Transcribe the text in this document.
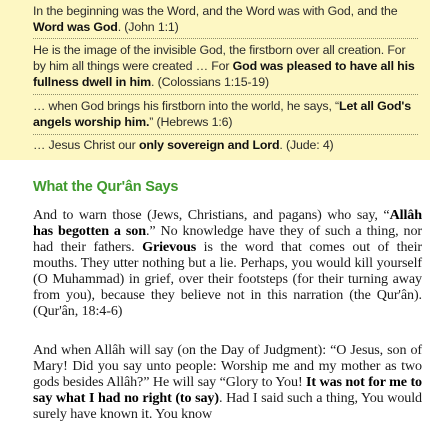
In the beginning was the Word, and the Word was with God, and the Word was God. (John 1:1)

He is the image of the invisible God, the firstborn over all creation. For by him all things were created … For God was pleased to have all his fullness dwell in him. (Colossians 1:15-19)

… when God brings his firstborn into the world, he says, “Let all God's angels worship him.” (Hebrews 1:6)

… Jesus Christ our only sovereign and Lord. (Jude: 4)

What the Qur'ân Says

And to warn those (Jews, Christians, and pagans) who say, “Allâh has begotten a son.” No knowledge have they of such a thing, nor had their fathers. Grievous is the word that comes out of their mouths. They utter nothing but a lie. Perhaps, you would kill yourself (O Muhammad) in grief, over their footsteps (for their turning away from you), because they believe not in this narration (the Qur'ân). (Qur'ân, 18:4-6)

And when Allâh will say (on the Day of Judgment): “O Jesus, son of Mary! Did you say unto people: Worship me and my mother as two gods besides Allâh?” He will say “Glory to You! It was not for me to say what I had no right (to say). Had I said such a thing, You would surely have known it. You know
